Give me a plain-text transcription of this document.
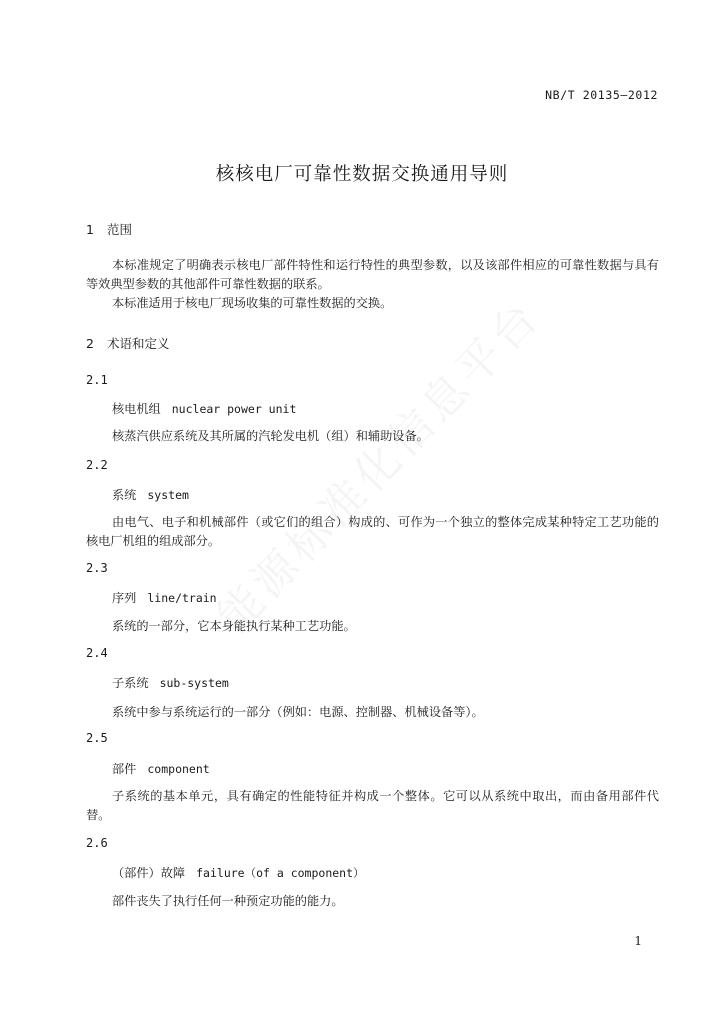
NB/T 20135—2012
核核电厂可靠性数据交换通用导则
1 范围

本标准规定了明确表示核电厂部件特性和运行特性的典型参数，以及该部件相应的可靠性数据与具有等效典型参数的其他部件可靠性数据的联系。

本标准适用于核电厂现场收集的可靠性数据的交换。

2 术语和定义
2.1
核电机组 nuclear power unit

核蒸汽供应系统及其所属的汽轮发电机（组）和辅助设备。

2.2
系统 system

由电气、电子和机械部件（或它们的组合）构成的、可作为一个独立的整体完成某种特定工艺功能的核电厂机组的组成部分。

2.3
序列 line/train

系统的一部分，它本身能执行某种工艺功能。

2.4
子系统 sub-system

系统中参与系统运行的一部分（例如：电源、控制器、机械设备等）。

2.5
部件 component

子系统的基本单元，具有确定的性能特征并构成一个整体。它可以从系统中取出，而由备用部件代替。

2.6
（部件）故障 failure（of a component）

部件丧失了执行任何一种预定功能的能力。

1
